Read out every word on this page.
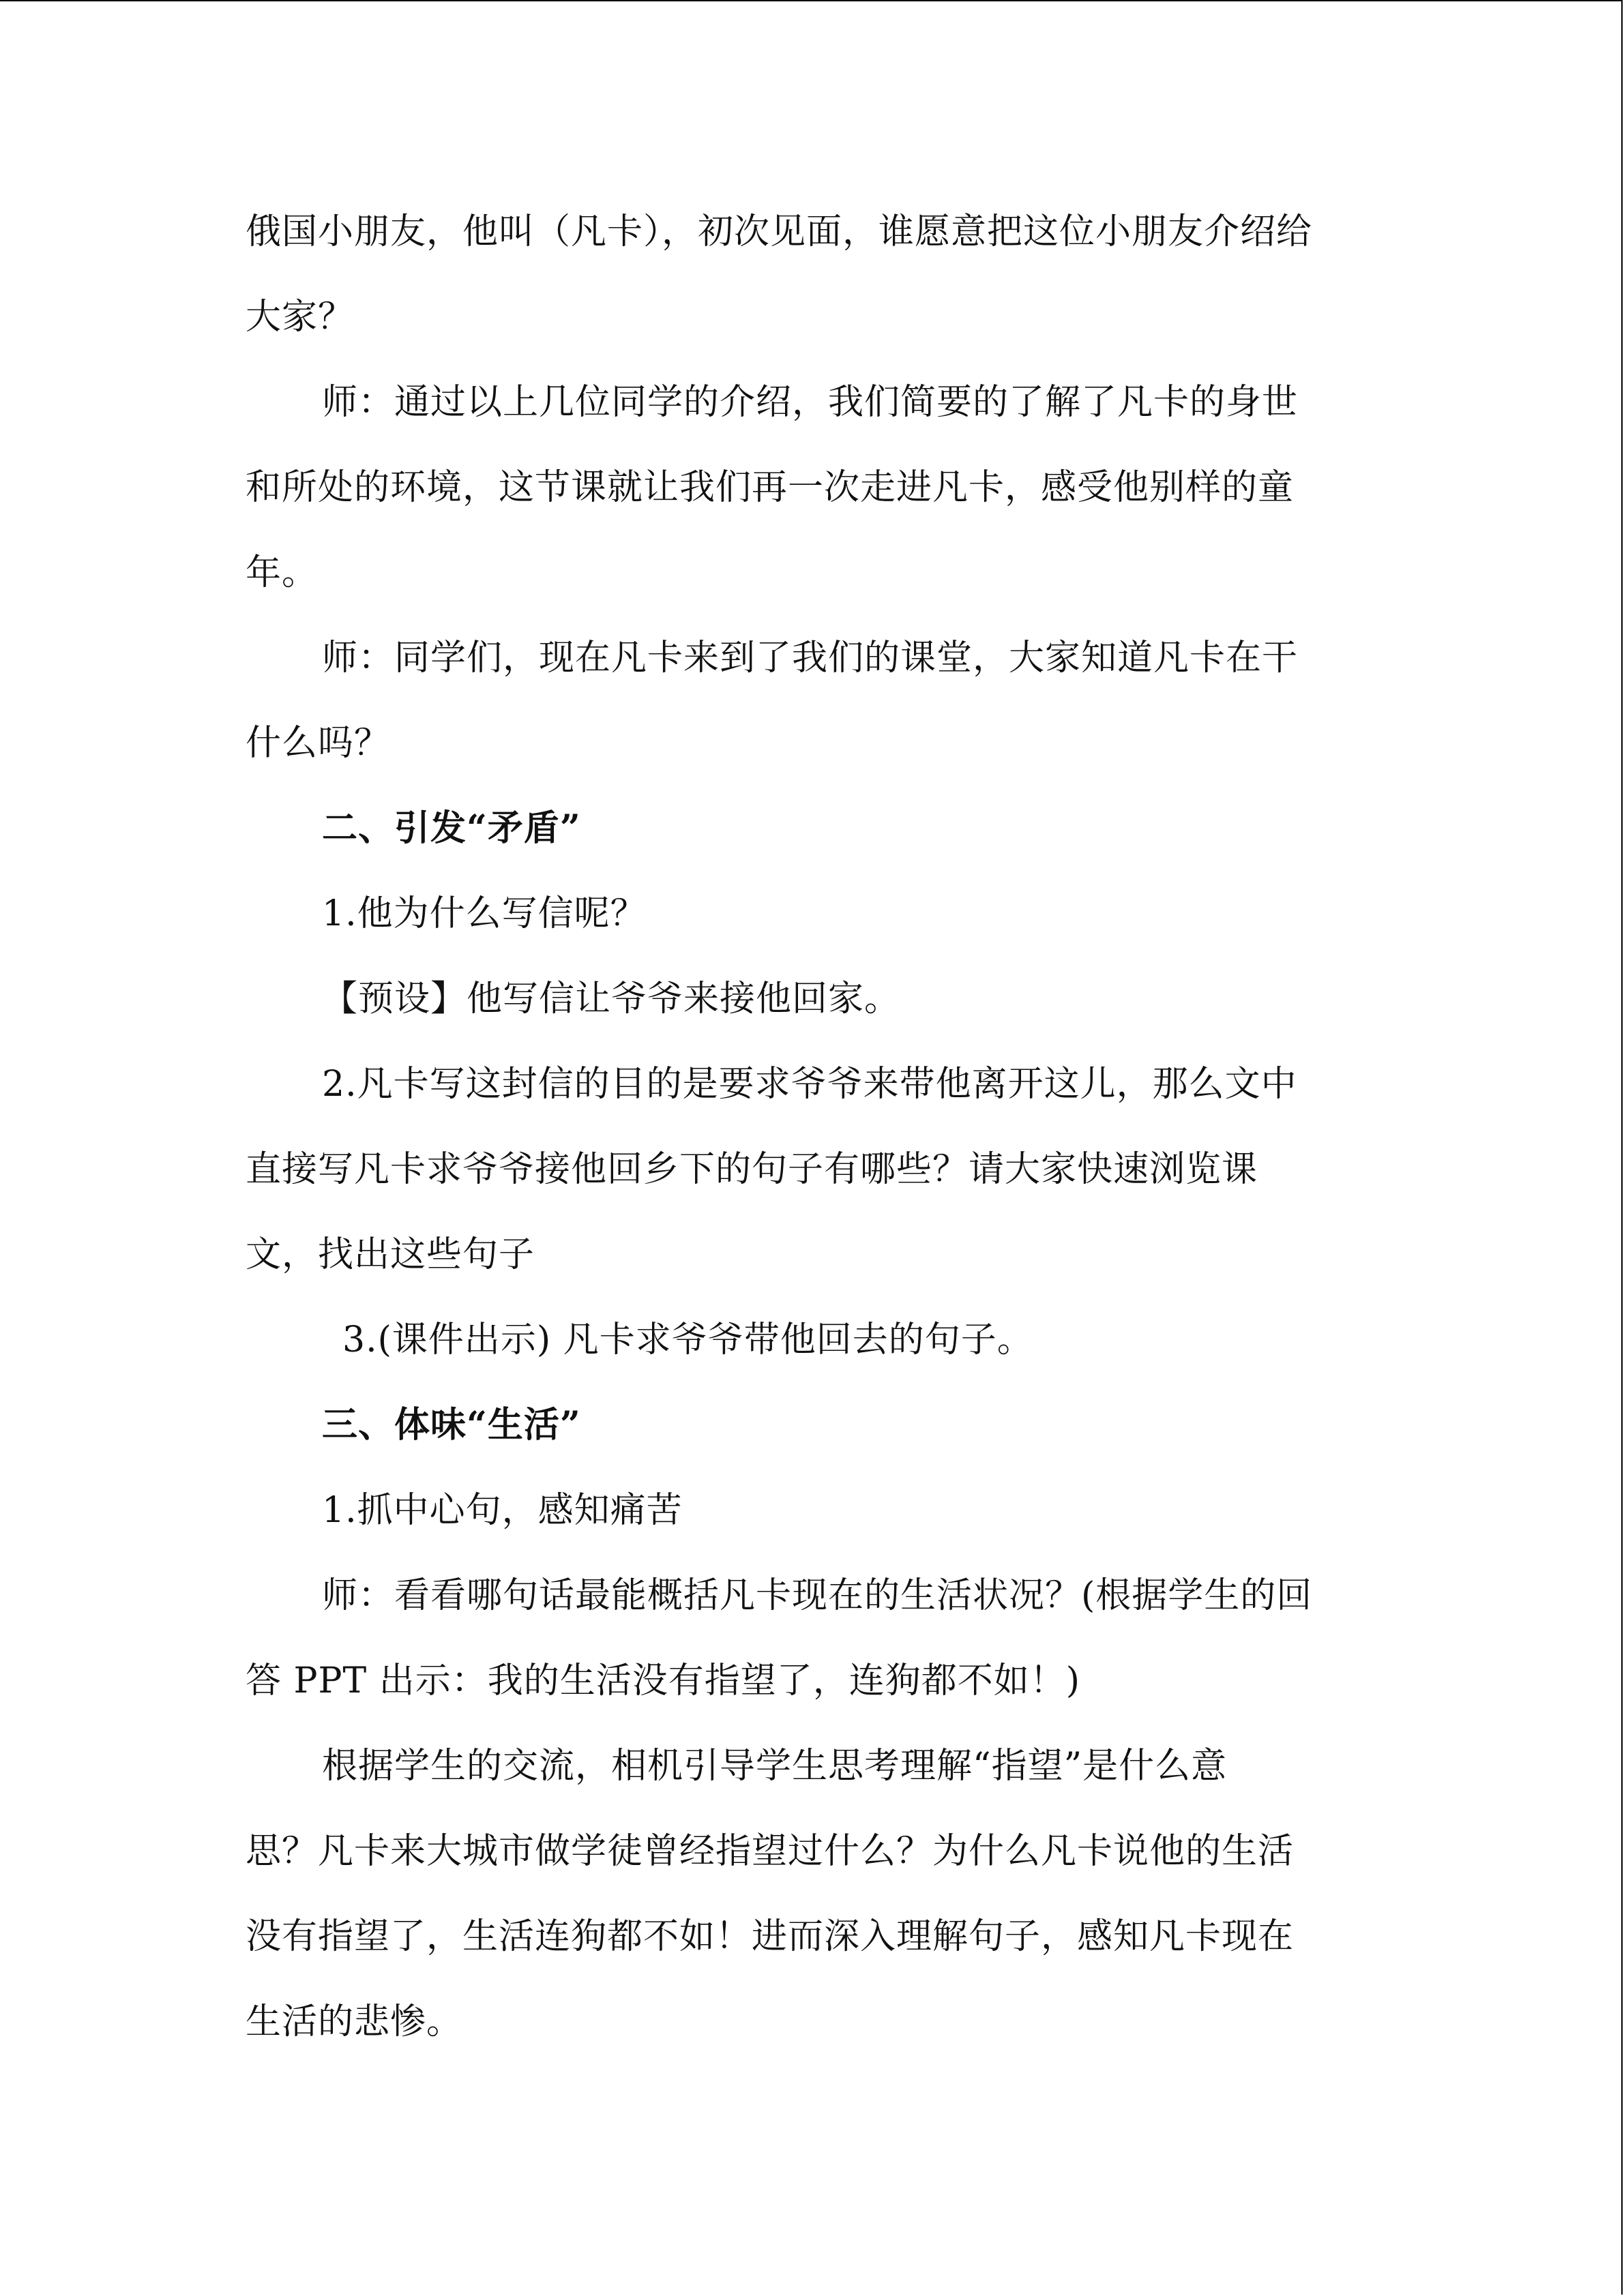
俄国小朋友，他叫（凡卡），初次见面，谁愿意把这位小朋友介绍给
大家？
师：通过以上几位同学的介绍，我们简要的了解了凡卡的身世
和所处的环境，这节课就让我们再一次走进凡卡，感受他别样的童
年。
师：同学们，现在凡卡来到了我们的课堂，大家知道凡卡在干
什么吗？
二、引发“矛盾”
1.他为什么写信呢？
【预设】他写信让爷爷来接他回家。
2.凡卡写这封信的目的是要求爷爷来带他离开这儿，那么文中
直接写凡卡求爷爷接他回乡下的句子有哪些？请大家快速浏览课
文，找出这些句子
3.(课件出示) 凡卡求爷爷带他回去的句子。
三、体味“生活”
1.抓中心句，感知痛苦
师：看看哪句话最能概括凡卡现在的生活状况？(根据学生的回
答 PPT 出示：我的生活没有指望了，连狗都不如！)
根据学生的交流，相机引导学生思考理解“指望”是什么意
思？凡卡来大城市做学徒曾经指望过什么？为什么凡卡说他的生活
没有指望了，生活连狗都不如！进而深入理解句子，感知凡卡现在
生活的悲惨。
